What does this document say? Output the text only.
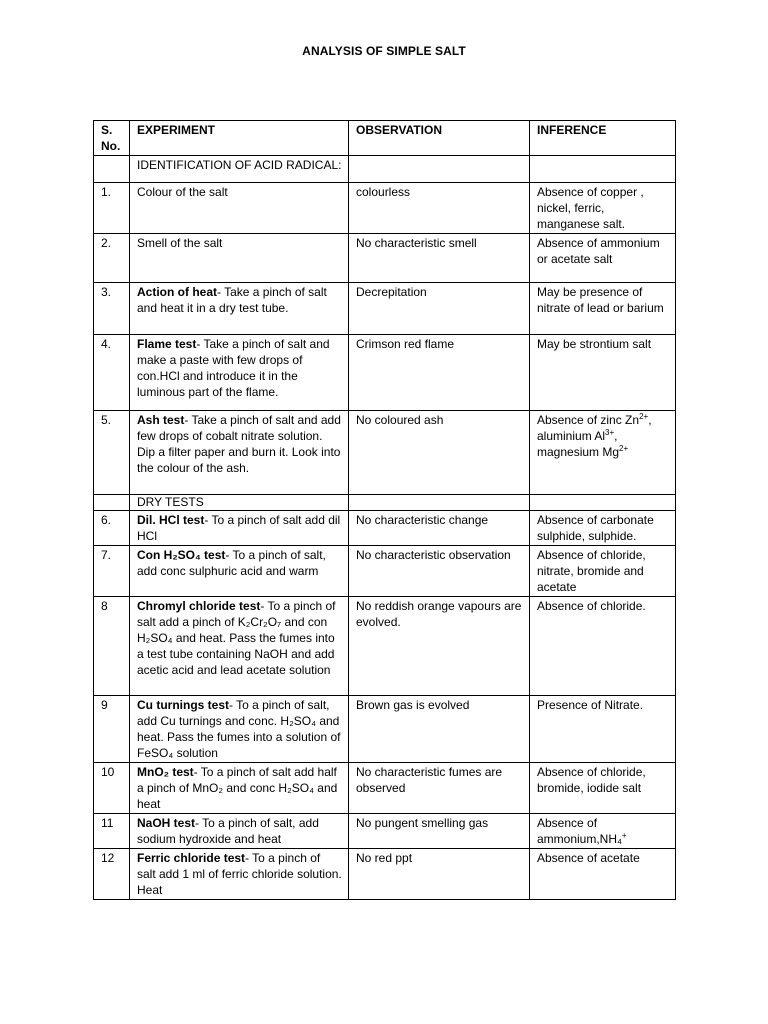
ANALYSIS OF SIMPLE SALT
S. No.	EXPERIMENT	OBSERVATION	INFERENCE
	IDENTIFICATION OF ACID RADICAL:		
1.	Colour of the salt	colourless	Absence of copper , nickel, ferric, manganese salt.
2.	Smell of the salt	No characteristic smell	Absence of ammonium or acetate salt
3.	Action of heat- Take a pinch of salt and heat it in a dry test tube.	Decrepitation	May be presence of nitrate of lead or barium
4.	Flame test- Take a pinch of salt and make a paste with few drops of con.HCl and introduce it in the luminous part of the flame.	Crimson red flame	May be strontium salt
5.	Ash test- Take a pinch of salt and add few drops of cobalt nitrate solution. Dip a filter paper and burn it. Look into the colour of the ash.	No coloured ash	Absence of zinc $Zn^{2+}$, aluminium $Al^{3+}$, magnesium $Mg^{2+}$
	DRY TESTS		
6.	Dil. HCl test- To a pinch of salt add dil HCl	No characteristic change	Absence of carbonate sulphide, sulphide.
7.	Con H₂SO₄ test- To a pinch of salt, add conc sulphuric acid and warm	No characteristic observation	Absence of chloride, nitrate, bromide and acetate
8	Chromyl chloride test- To a pinch of salt add a pinch of K₂Cr₂O₇ and con H₂SO₄ and heat. Pass the fumes into a test tube containing NaOH and add acetic acid and lead acetate solution	No reddish orange vapours are evolved.	Absence of chloride.
9	Cu turnings test- To a pinch of salt, add Cu turnings and conc. H₂SO₄ and heat. Pass the fumes into a solution of FeSO₄ solution	Brown gas is evolved	Presence of Nitrate.
10	MnO₂ test- To a pinch of salt add half a pinch of MnO₂ and conc H₂SO₄ and heat	No characteristic fumes are observed	Absence of chloride, bromide, iodide salt
11	NaOH test- To a pinch of salt, add sodium hydroxide and heat	No pungent smelling gas	Absence of ammonium,NH₄+
12	Ferric chloride test- To a pinch of salt add 1 ml of ferric chloride solution. Heat	No red ppt	Absence of acetate
